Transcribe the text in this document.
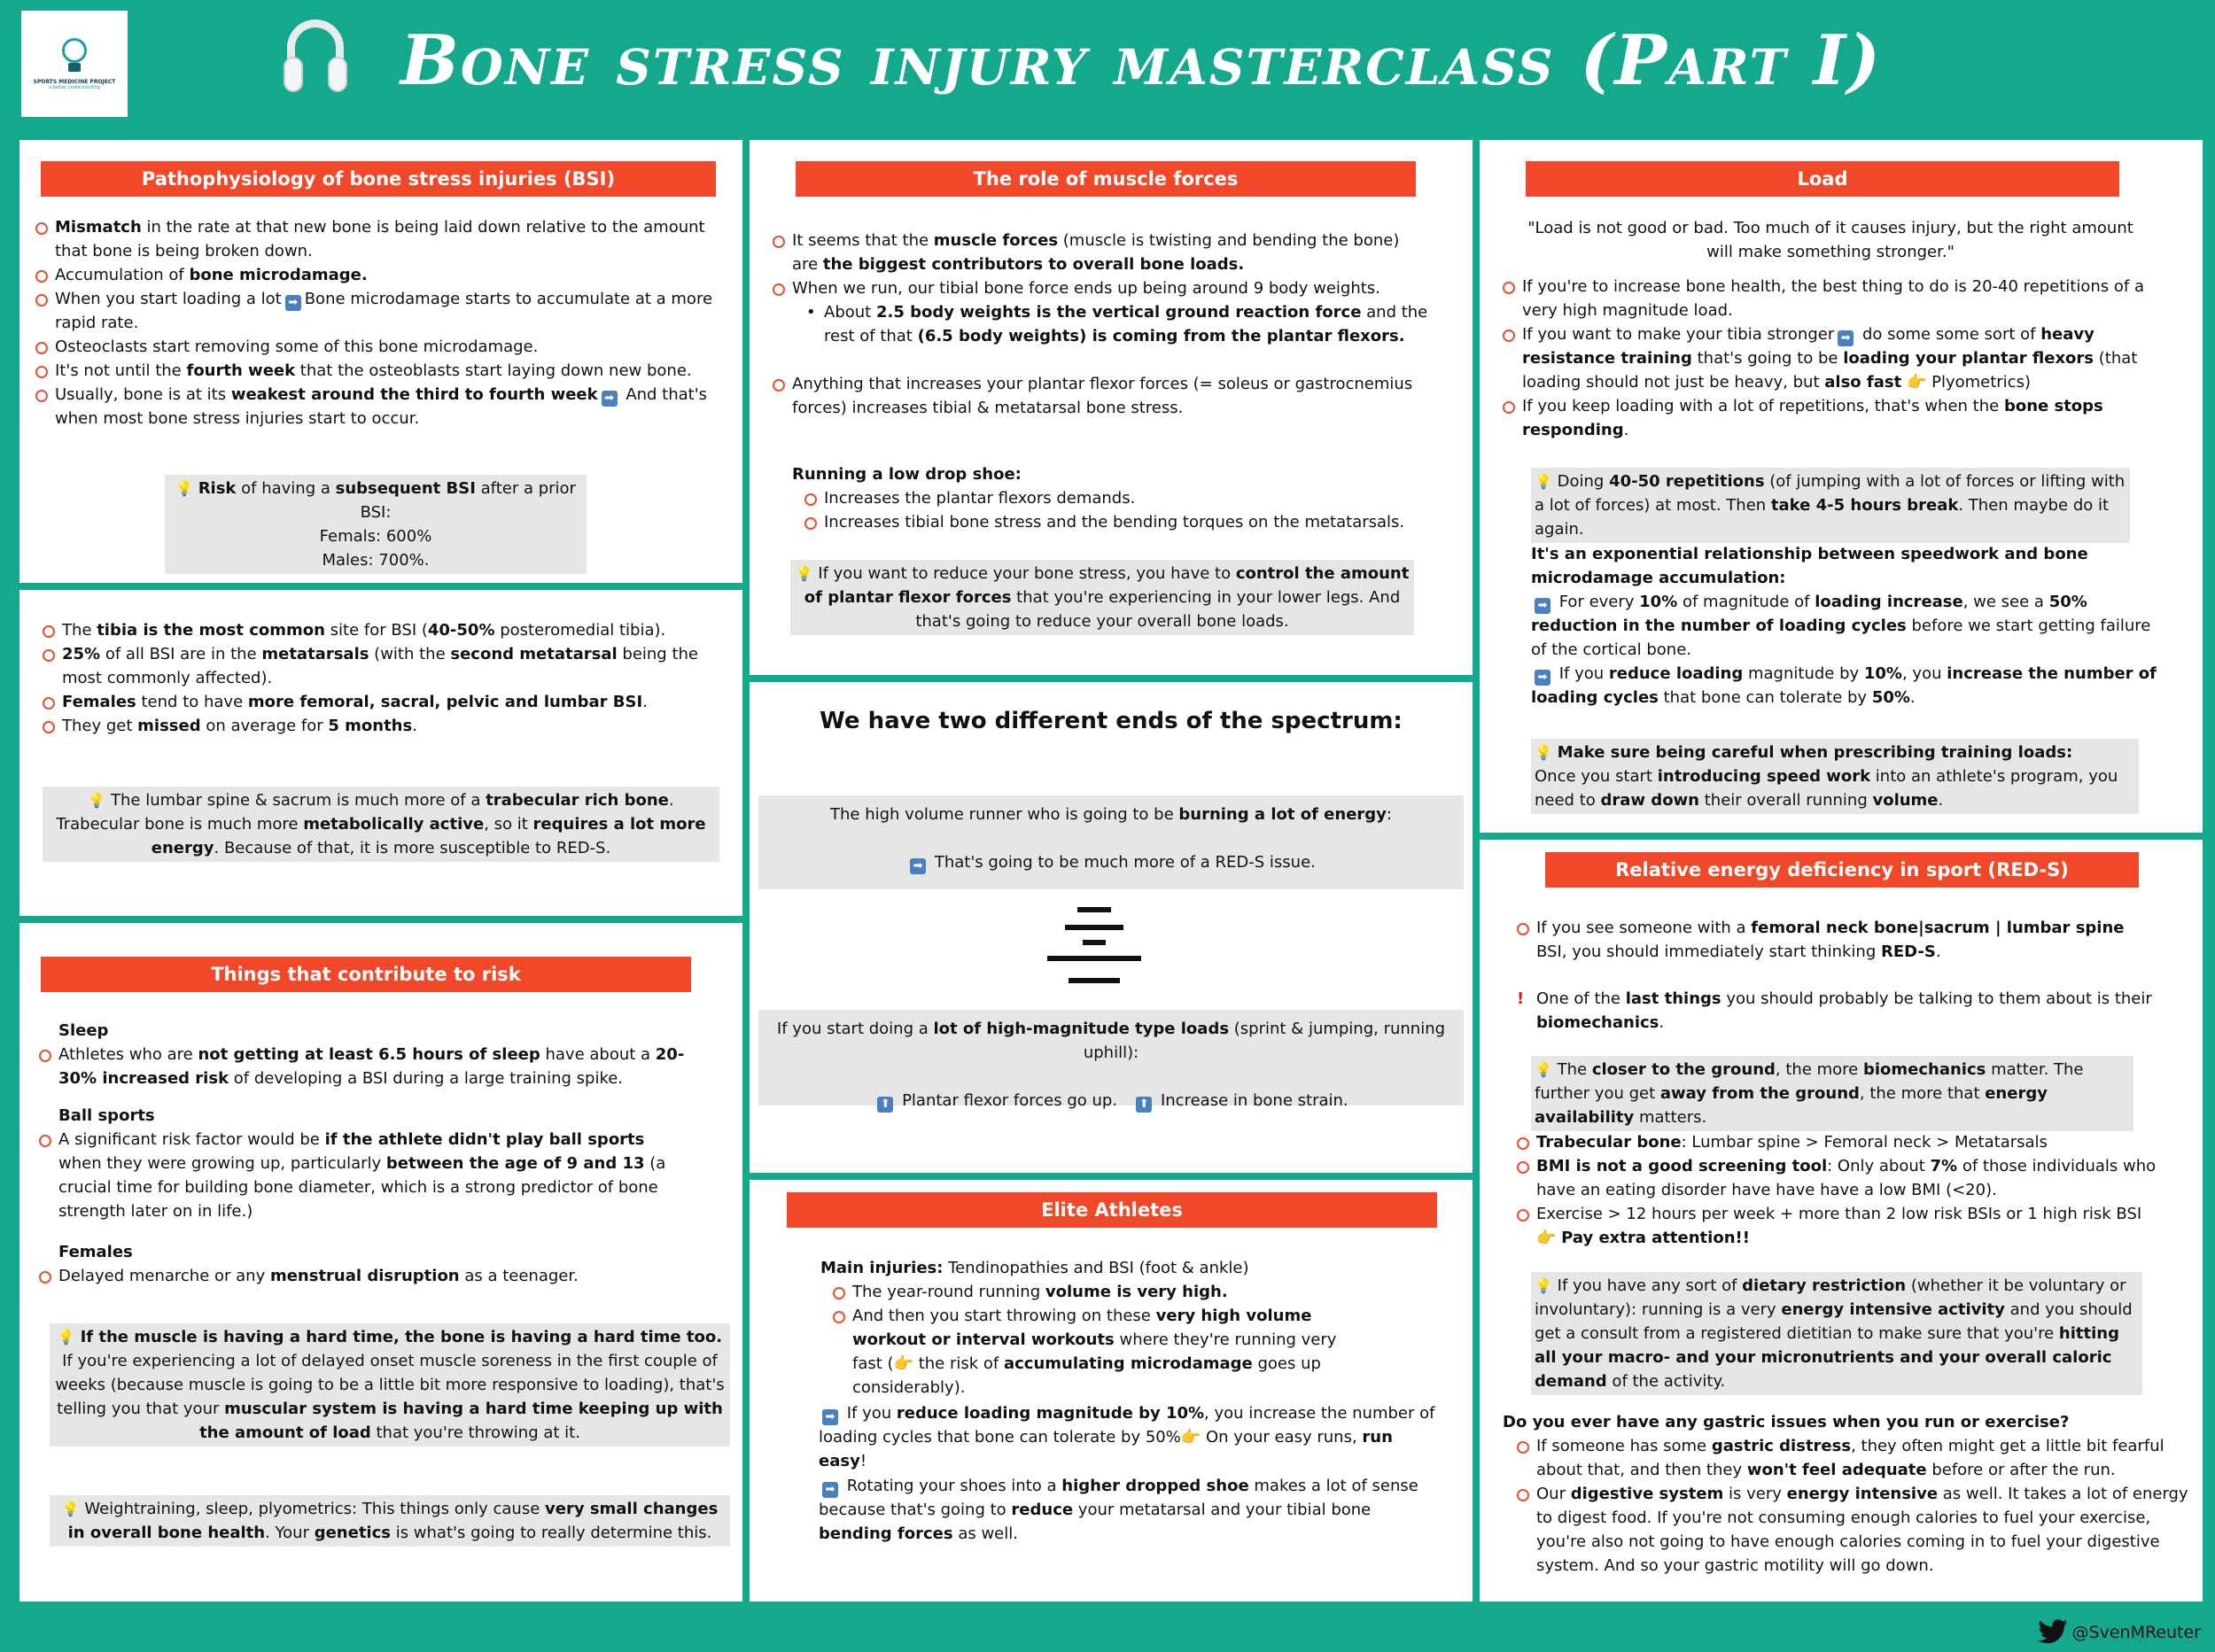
SPORTS MEDICINE PROJECT
a better understanding	Bone stress injury masterclass (Part I)
Pathophysiology of bone stress injuries (BSI)
Mismatch in the rate at that new bone is being laid down relative to the amount that bone is being broken down.
Accumulation of bone microdamage.
When you start loading a lot ➡ Bone microdamage starts to accumulate at a more rapid rate.
Osteoclasts start removing some of this bone microdamage.
It's not until the fourth week that the osteoblasts start laying down new bone.
Usually, bone is at its weakest around the third to fourth week ➡ And that's when most bone stress injuries start to occur.
💡 Risk of having a subsequent BSI after a prior BSI:
Femals: 600%
Males: 700%.
The tibia is the most common site for BSI (40-50% posteromedial tibia).
25% of all BSI are in the metatarsals (with the second metatarsal being the most commonly affected).
Females tend to have more femoral, sacral, pelvic and lumbar BSI.
They get missed on average for 5 months.
💡 The lumbar spine & sacrum is much more of a trabecular rich bone. Trabecular bone is much more metabolically active, so it requires a lot more energy. Because of that, it is more susceptible to RED-S.
Things that contribute to risk
Sleep
Athletes who are not getting at least 6.5 hours of sleep have about a 20-30% increased risk of developing a BSI during a large training spike.
Ball sports
A significant risk factor would be if the athlete didn't play ball sports when they were growing up, particularly between the age of 9 and 13 (a crucial time for building bone diameter, which is a strong predictor of bone strength later on in life.)
Females
Delayed menarche or any menstrual disruption as a teenager.
💡 If the muscle is having a hard time, the bone is having a hard time too.
If you're experiencing a lot of delayed onset muscle soreness in the first couple of weeks (because muscle is going to be a little bit more responsive to loading), that's telling you that your muscular system is having a hard time keeping up with the amount of load that you're throwing at it.
💡 Weightraining, sleep, plyometrics: This things only cause very small changes in overall bone health. Your genetics is what's going to really determine this.
The role of muscle forces
It seems that the muscle forces (muscle is twisting and bending the bone) are the biggest contributors to overall bone loads.
When we run, our tibial bone force ends up being around 9 body weights.
• About 2.5 body weights is the vertical ground reaction force and the rest of that (6.5 body weights) is coming from the plantar flexors.
Anything that increases your plantar flexor forces (= soleus or gastrocnemius forces) increases tibial & metatarsal bone stress.
Running a low drop shoe:
Increases the plantar flexors demands.
Increases tibial bone stress and the bending torques on the metatarsals.
💡 If you want to reduce your bone stress, you have to control the amount of plantar flexor forces that you're experiencing in your lower legs. And that's going to reduce your overall bone loads.
We have two different ends of the spectrum:
The high volume runner who is going to be burning a lot of energy:
➡ That's going to be much more of a RED-S issue.
If you start doing a lot of high-magnitude type loads (sprint & jumping, running uphill):
⬆ Plantar flexor forces go up. ⬆ Increase in bone strain.
Elite Athletes
Main injuries: Tendinopathies and BSI (foot & ankle)
The year-round running volume is very high.
And then you start throwing on these very high volume workout or interval workouts where they're running very fast (👉 the risk of accumulating microdamage goes up considerably).
➡ If you reduce loading magnitude by 10%, you increase the number of loading cycles that bone can tolerate by 50%👉 On your easy runs, run easy!
➡ Rotating your shoes into a higher dropped shoe makes a lot of sense because that's going to reduce your metatarsal and your tibial bone bending forces as well.
Load
"Load is not good or bad. Too much of it causes injury, but the right amount will make something stronger."
If you're to increase bone health, the best thing to do is 20-40 repetitions of a very high magnitude load.
If you want to make your tibia stronger ➡ do some some sort of heavy resistance training that's going to be loading your plantar flexors (that loading should not just be heavy, but also fast 👉 Plyometrics)
If you keep loading with a lot of repetitions, that's when the bone stops responding.
💡 Doing 40-50 repetitions (of jumping with a lot of forces or lifting with a lot of forces) at most. Then take 4-5 hours break. Then maybe do it again.
It's an exponential relationship between speedwork and bone microdamage accumulation:
➡ For every 10% of magnitude of loading increase, we see a 50% reduction in the number of loading cycles before we start getting failure of the cortical bone.
➡ If you reduce loading magnitude by 10%, you increase the number of loading cycles that bone can tolerate by 50%.
💡 Make sure being careful when prescribing training loads:
Once you start introducing speed work into an athlete's program, you need to draw down their overall running volume.
Relative energy deficiency in sport (RED-S)
If you see someone with a femoral neck bone|sacrum | lumbar spine BSI, you should immediately start thinking RED-S.
! One of the last things you should probably be talking to them about is their biomechanics.
💡 The closer to the ground, the more biomechanics matter. The further you get away from the ground, the more that energy availability matters.
Trabecular bone: Lumbar spine > Femoral neck > Metatarsals
BMI is not a good screening tool: Only about 7% of those individuals who have an eating disorder have have have a low BMI (<20).
Exercise > 12 hours per week + more than 2 low risk BSIs or 1 high risk BSI
👉 Pay extra attention!!
💡 If you have any sort of dietary restriction (whether it be voluntary or involuntary): running is a very energy intensive activity and you should get a consult from a registered dietitian to make sure that you're hitting all your macro- and your micronutrients and your overall caloric demand of the activity.
Do you ever have any gastric issues when you run or exercise?
If someone has some gastric distress, they often might get a little bit fearful about that, and then they won't feel adequate before or after the run.
Our digestive system is very energy intensive as well. It takes a lot of energy to digest food. If you're not consuming enough calories to fuel your exercise, you're also not going to have enough calories coming in to fuel your digestive system. And so your gastric motility will go down.
@SvenMReuter
